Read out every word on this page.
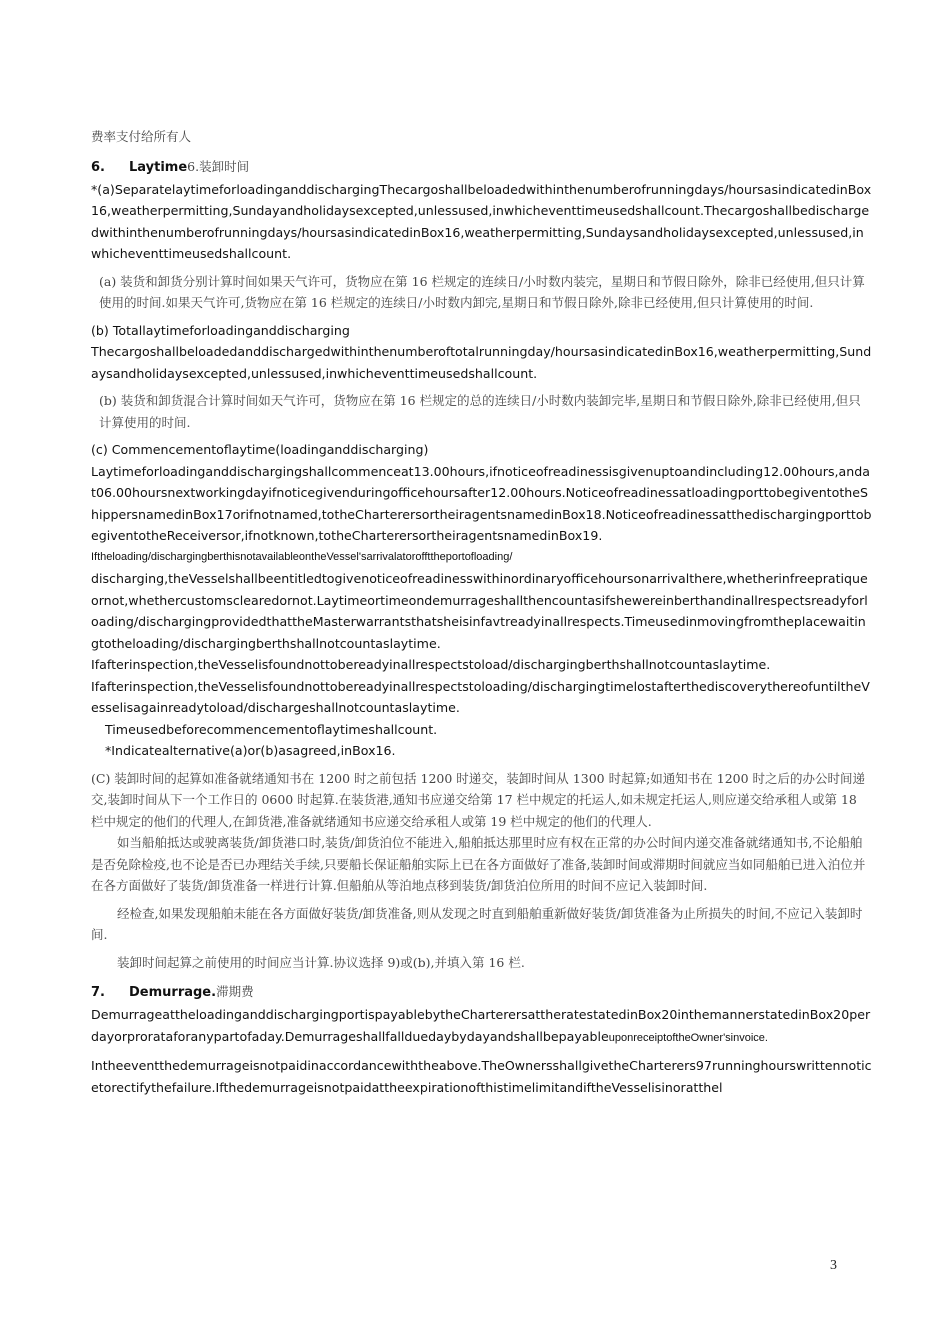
费率支付给所有人
6. Laytime6.装卸时间
*(a)SeparatelaytimeforloadinganddischargingThecargoshallbeloadedwithinthenumberofrunningdays/hoursasindicatedinBox16,weatherpermitting,Sundayandholidaysexcepted,unlessused,inwhicheventtimeusedshallcount.Thecargoshallbedischargedwithinthenumberofrunningdays/hoursasindicatedinBox16,weatherpermitting,Sundaysandholidaysexcepted,unlessused,inwhicheventtimeusedshallcount.
(a) 装货和卸货分别计算时间如果天气许可，货物应在第 16 栏规定的连续日/小时数内装完，星期日和节假日除外，除非已经使用,但只计算使用的时间.如果天气许可,货物应在第 16 栏规定的连续日/小时数内卸完,星期日和节假日除外,除非已经使用,但只计算使用的时间.
(b) Totallaytimeforloadinganddischarging
Thecargoshallbeloadedanddischargedwithinthenumberoftotalrunningday/hoursasindicatedinBox16,weatherpermitting,Sundaysandholidaysexcepted,unlessused,inwhicheventtimeusedshallcount.
(b) 装货和卸货混合计算时间如天气许可，货物应在第 16 栏规定的总的连续日/小时数内装卸完毕,星期日和节假日除外,除非已经使用,但只计算使用的时间.
(c) Commencementoflaytime(loadinganddischarging)
Laytimeforloadinganddischargingshallcommenceat13.00hours,ifnoticeofreadinessisgivenuptoandincluding12.00hours,andat06.00hoursnextworkingdayifnoticegivenduringofficehoursafter12.00hours.NoticeofreadinessatloadingporttobegiventotheShippersnamedinBox17orifnotnamed,totheCharterersortheiragentsnamedinBox18.NoticeofreadinessatthedischargingporttobegiventotheReceiversor,ifnotknown,totheCharterersortheiragentsnamedinBox19.
Iftheloading/dischargingberthisnotavailableontheVessel'sarrivalatoroffttheportofloading/
discharging,theVesselshallbeentitledtogivenoticeofreadinesswithinordinaryofficehoursonarrivalthere,whetherinfreepratiqueornot,whethercustomsclearedornot.Laytimeortimeondemurrageshallthencountasifshewereinberthandinallrespectsreadyforloading/dischargingprovidedthattheMasterwarrantsthatsheisinfavtreadyinallrespects.Timeusedinmovingfromtheplacewaitingtotheloading/dischargingberthshallnotcountaslaytime.
Ifafterinspection,theVesselisfoundnottobereadyinallrespectstoload/dischargingberthshallnotcountaslaytime.
Ifafterinspection,theVesselisfoundnottobereadyinallrespectstoloading/dischargingtimelostafterthediscoverythereofuntiltheVesselisagainreadytoload/dischargeshallnotcountaslaytime.
Timeusedbeforecommencementoflaytimeshallcount.
*Indicatealternative(a)or(b)asagreed,inBox16.
(C) 装卸时间的起算如准备就绪通知书在 1200 时之前包括 1200 时递交，装卸时间从 1300 时起算;如通知书在 1200 时之后的办公时间递交,装卸时间从下一个工作日的 0600 时起算.在装货港,通知书应递交给第 17 栏中规定的托运人,如未规定托运人,则应递交给承租人或第 18 栏中规定的他们的代理人,在卸货港,准备就绪通知书应递交给承租人或第 19 栏中规定的他们的代理人.
如当船舶抵达或驶离装货/卸货港口时,装货/卸货泊位不能进入,船舶抵达那里时应有权在正常的办公时间内递交准备就绪通知书,不论船舶是否免除检疫,也不论是否已办理结关手续,只要船长保证船舶实际上已在各方面做好了准备,装卸时间或滞期时间就应当如同船舶已进入泊位并在各方面做好了装货/卸货准备一样进行计算.但船舶从等泊地点移到装货/卸货泊位所用的时间不应记入装卸时间.
经检查,如果发现船舶未能在各方面做好装货/卸货准备,则从发现之时直到船舶重新做好装货/卸货准备为止所损失的时间,不应记入装卸时间.
装卸时间起算之前使用的时间应当计算.协议选择 9)或(b),并填入第 16 栏.
7. Demurrage.滞期费
DemurrageattheloadinganddischargingportispayablebytheCharterersattheratestatedinBox20inthemannerstatedinBox20perdayorprorataforanypartofaday.DemurrageshallfallduedaybydayandshallbepayableuponreceiptoftheOwner'sinvoice.
Intheeventthedemurrageisnotpaidinaccordancewiththeabove.TheOwnersshallgivetheCharterers97runninghourswrittennoticetorectifythefailure.IfthedemurrageisnotpaidattheexpirationofthistimelimitandiftheVesselisinoratthel
3
